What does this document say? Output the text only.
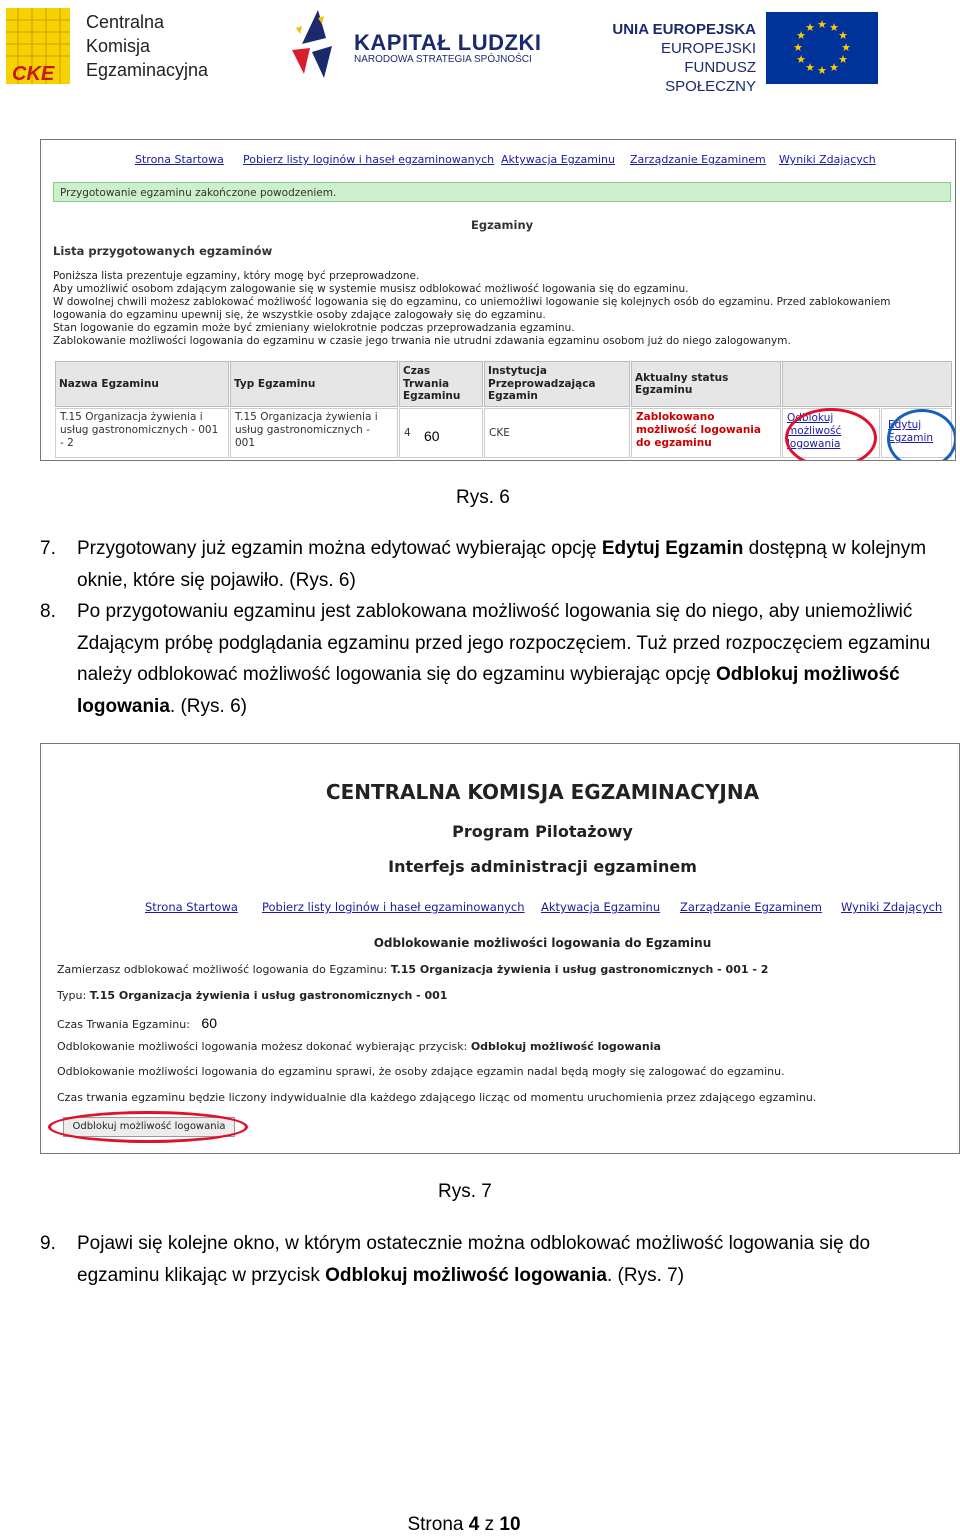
CKE
Centralna
Komisja
Egzaminacyjna
KAPITAŁ LUDZKI
NARODOWA STRATEGIA SPÓJNOŚCI
UNIA EUROPEJSKA
EUROPEJSKI
FUNDUSZ SPOŁECZNY
★ ★
★
★
★
★
★
★
★
★
★
★
Strona Startowa Pobierz listy loginów i haseł egzaminowanych Aktywacja Egzaminu Zarządzanie Egzaminem Wyniki Zdających
Przygotowanie egzaminu zakończone powodzeniem.
Egzaminy
Lista przygotowanych egzaminów
Poniższa lista prezentuje egzaminy, który mogę być przeprowadzone.
Aby umożliwić osobom zdającym zalogowanie się w systemie musisz odblokować możliwość logowania się do egzaminu.
W dowolnej chwili możesz zablokować możliwość logowania się do egzaminu, co uniemożliwi logowanie się kolejnych osób do egzaminu. Przed zablokowaniem
logowania do egzaminu upewnij się, że wszystkie osoby zdające zalogowały się do egzaminu.
Stan logowanie do egzamin może być zmieniany wielokrotnie podczas przeprowadzania egzaminu.
Zablokowanie możliwości logowania do egzaminu w czasie jego trwania nie utrudni zdawania egzaminu osobom już do niego zalogowanym.
Nazwa Egzaminu	Typ Egzaminu
Czas Trwania Egzaminu
Instytucja Przeprowadzająca Egzamin
Aktualny status Egzaminu
T.15 Organizacja żywienia i usług gastronomicznych - 001 - 2
T.15 Organizacja żywienia i usług gastronomicznych - 001
4 60	CKE
Zablokowano możliwość logowania do egzaminu
Odblokuj możliwość logowania
Edytuj Egzamin
Rys. 6
7. Przygotowany już egzamin można edytować wybierając opcję Edytuj Egzamin dostępną w kolejnym oknie, które się pojawiło. (Rys. 6)
8. Po przygotowaniu egzaminu jest zablokowana możliwość logowania się do niego, aby uniemożliwić Zdającym próbę podglądania egzaminu przed jego rozpoczęciem. Tuż przed rozpoczęciem egzaminu należy odblokować możliwość logowania się do egzaminu wybierając opcję Odblokuj możliwość logowania. (Rys. 6)
CENTRALNA KOMISJA EGZAMINACYJNA
Program Pilotażowy
Interfejs administracji egzaminem
Strona Startowa Pobierz listy loginów i haseł egzaminowanych Aktywacja Egzaminu Zarządzanie Egzaminem Wyniki Zdających
Odblokowanie możliwości logowania do Egzaminu
Zamierzasz odblokować możliwość logowania do Egzaminu: T.15 Organizacja żywienia i usług gastronomicznych - 001 - 2
Typu: T.15 Organizacja żywienia i usług gastronomicznych - 001
Czas Trwania Egzaminu: 60
Odblokowanie możliwości logowania możesz dokonać wybierając przycisk: Odblokuj możliwość logowania
Odblokowanie możliwości logowania do egzaminu sprawi, że osoby zdające egzamin nadal będą mogły się zalogować do egzaminu.
Czas trwania egzaminu będzie liczony indywidualnie dla każdego zdającego licząc od momentu uruchomienia przez zdającego egzaminu.
Odblokuj możliwość logowania
Rys. 7
9. Pojawi się kolejne okno, w którym ostatecznie można odblokować możliwość logowania się do egzaminu klikając w przycisk Odblokuj możliwość logowania. (Rys. 7)
Strona 4 z 10
